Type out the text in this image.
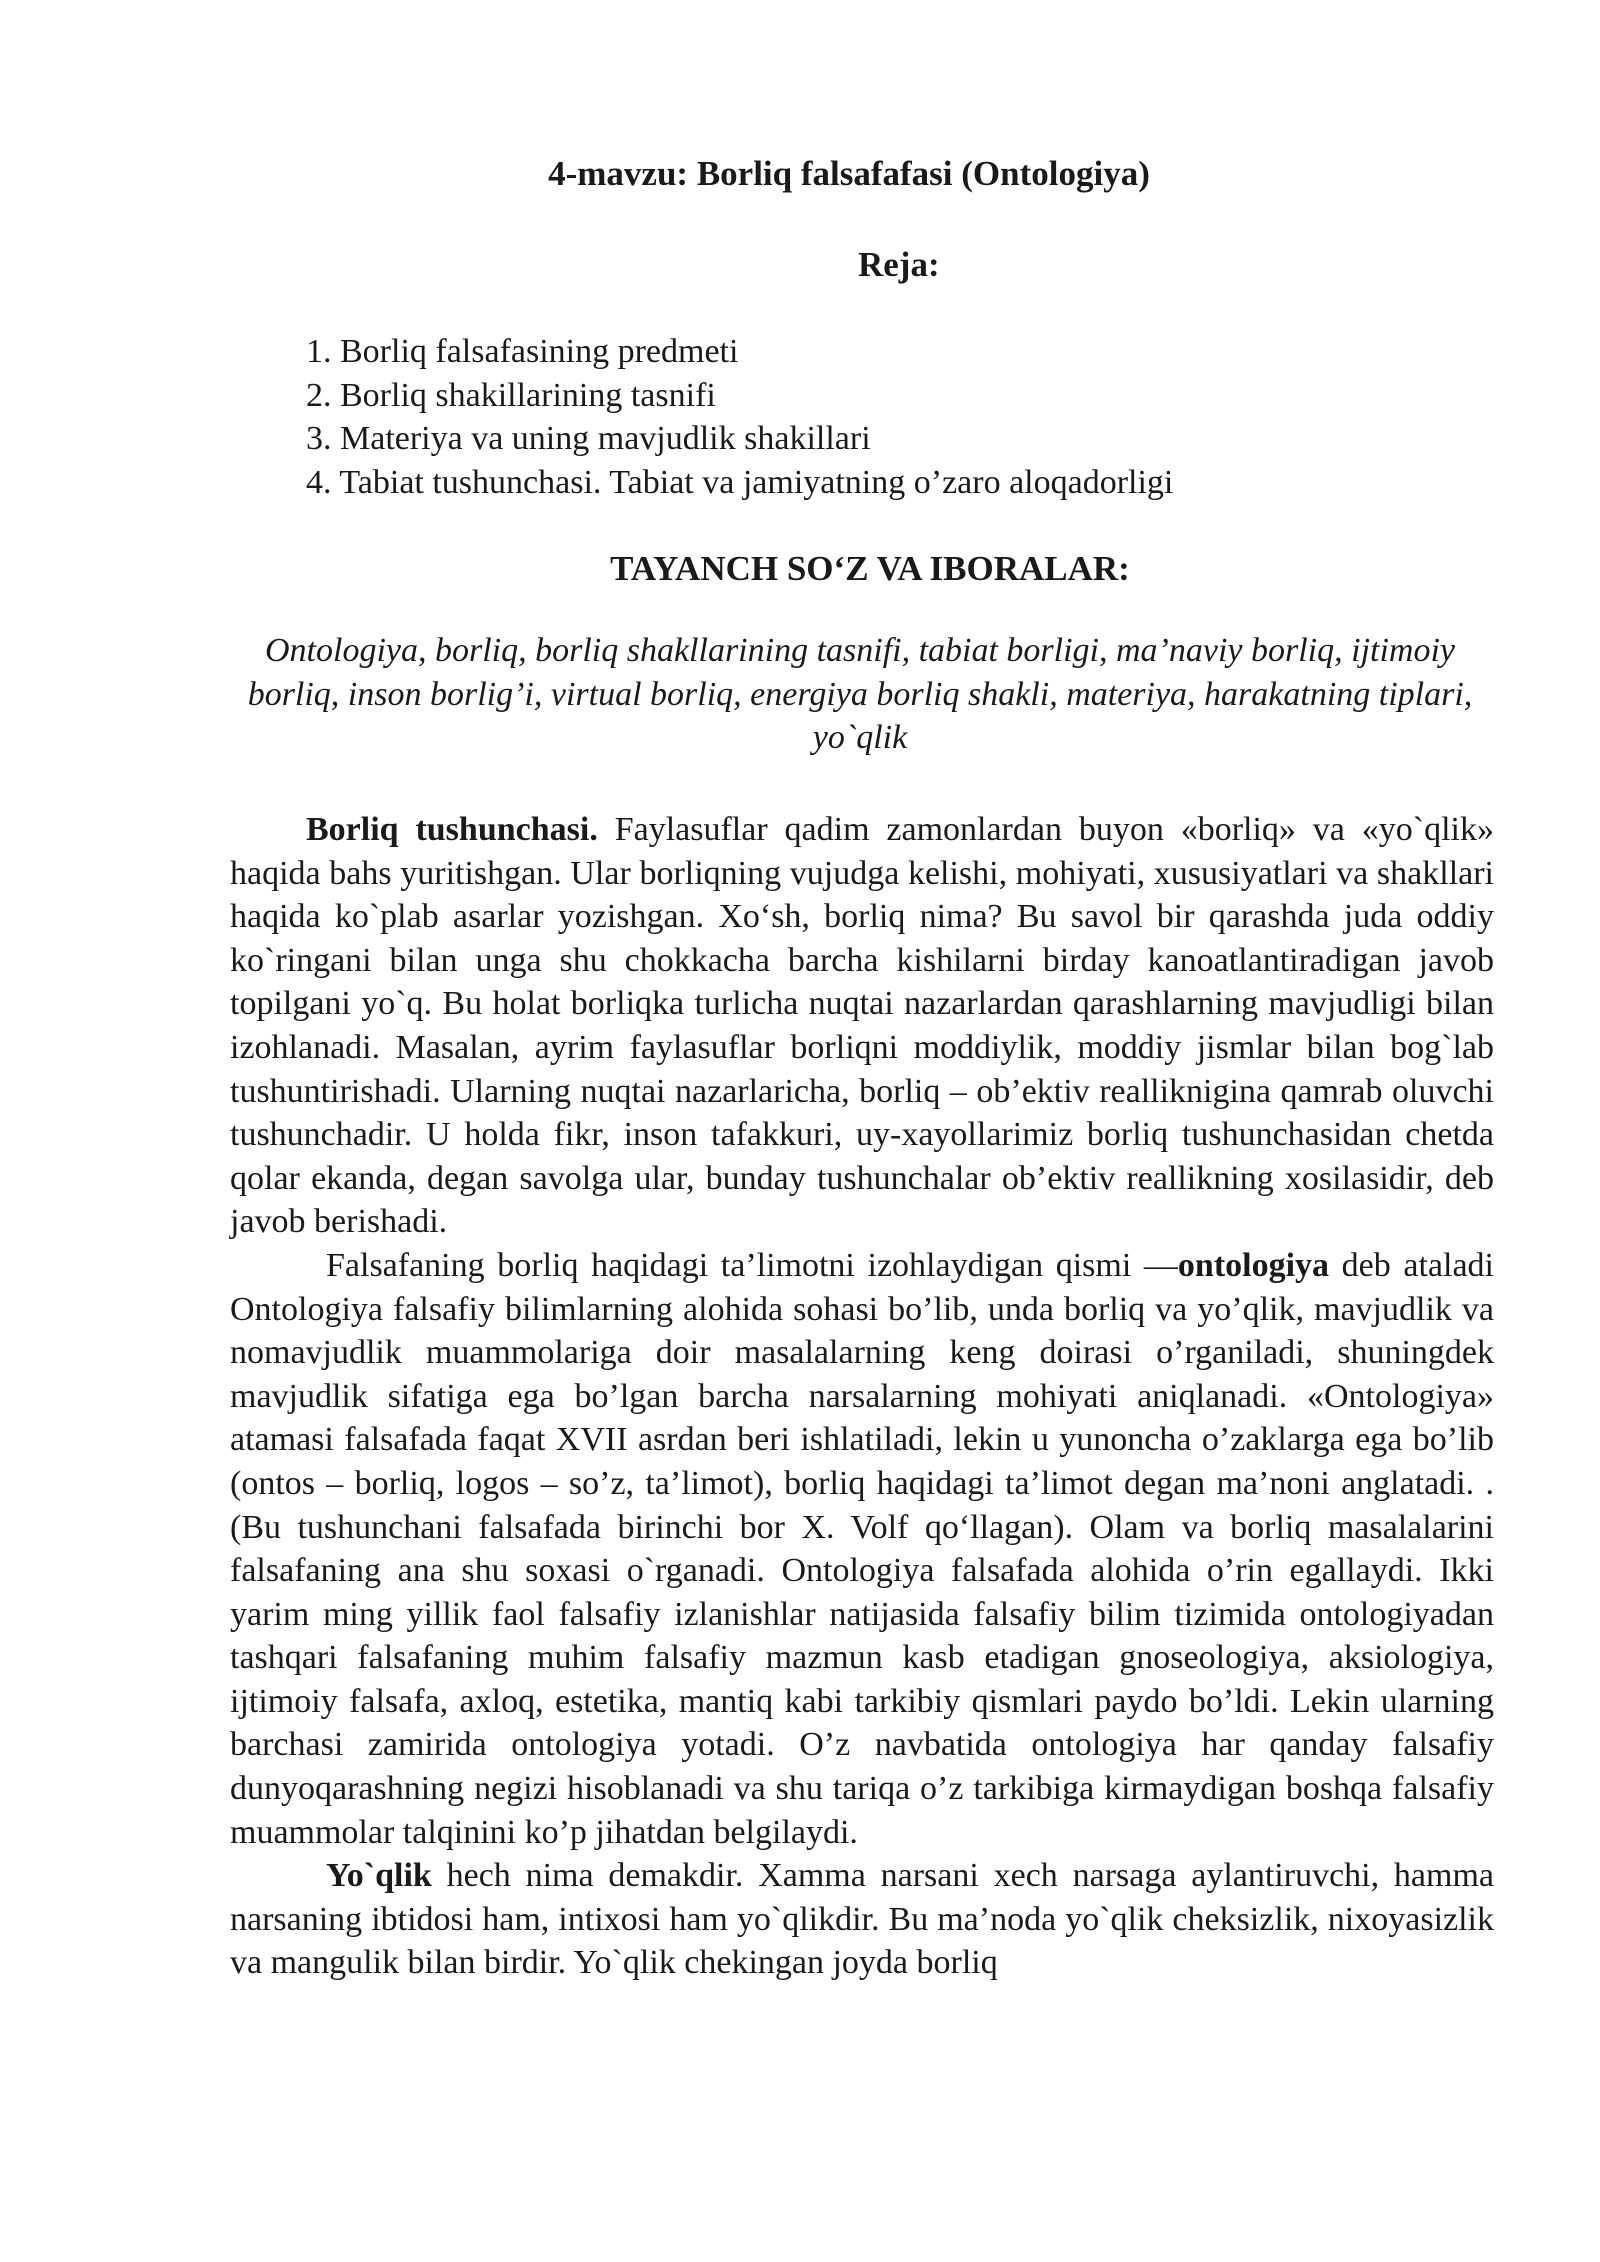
4-mavzu: Borliq falsafafasi (Ontologiya)
Reja:
1. Borliq falsafasining predmeti
2. Borliq shakillarining tasnifi
3. Materiya va uning mavjudlik shakillari
4. Tabiat tushunchasi. Tabiat va jamiyatning o’zaro aloqadorligi
TAYANCH SO‘Z VA IBORALAR:
Ontologiya, borliq, borliq shakllarining tasnifi, tabiat borligi, ma’naviy borliq, ijtimoiy borliq, inson borlig’i, virtual borliq, energiya borliq shakli, materiya, harakatning tiplari, yo`qlik

Borliq tushunchasi. Faylasuflar qadim zamonlardan buyon «borliq» va «yo`qlik» haqida bahs yuritishgan. Ular borliqning vujudga kelishi, mohiyati, xususiyatlari va shakllari haqida ko`plab asarlar yozishgan. Xo‘sh, borliq nima? Bu savol bir qarashda juda oddiy ko`ringani bilan unga shu chokkacha barcha kishilarni birday kanoatlantiradigan javob topilgani yo`q. Bu holat borliqka turlicha nuqtai nazarlardan qarashlarning mavjudligi bilan izohlanadi. Masalan, ayrim faylasuflar borliqni moddiylik, moddiy jismlar bilan bog`lab tushuntirishadi. Ularning nuqtai nazarlaricha, borliq – ob’ektiv reallikniginа qamrab oluvchi tushunchadir. U holda fikr, inson tafakkuri, uy-xayollarimiz borliq tushunchasidan chetda qolar ekanda, degan savolga ular, bunday tushunchalar ob’ektiv reallikning xosilasidir, deb javob berishadi.

Falsafaning borliq haqidagi ta’limotni izohlaydigan qismi —ontologiya deb ataladi Ontologiya falsafiy bilimlarning alohida sohasi bo’lib, unda borliq va yo’qlik, mavjudlik va nomavjudlik muammolariga doir masalalarning keng doirasi o’rganiladi, shuningdek mavjudlik sifatiga ega bo’lgan barcha narsalarning mohiyati aniqlanadi. «Ontologiya» atamasi falsafada faqat XVII asrdan beri ishlatiladi, lekin u yunoncha o’zaklarga ega bo’lib (ontos – borliq, logos – so’z, ta’limot), borliq haqidagi ta’limot degan ma’noni anglatadi. . (Bu tushunchani falsafada birinchi bor X. Volf qo‘llagan). Olam va borliq masalalarini falsafaning ana shu soxasi o`rganadi. Ontologiya falsafada alohida o’rin egallaydi. Ikki yarim ming yillik faol falsafiy izlanishlar natijasida falsafiy bilim tizimida ontologiyadan tashqari falsafaning muhim falsafiy mazmun kasb etadigan gnoseologiya, aksiologiya, ijtimoiy falsafa, axloq, estetika, mantiq kabi tarkibiy qismlari paydo bo’ldi. Lekin ularning barchasi zamirida ontologiya yotadi. O’z navbatida ontologiya har qanday falsafiy dunyoqarashning negizi hisoblanadi va shu tariqa o’z tarkibiga kirmaydigan boshqa falsafiy muammolar talqinini ko’p jihatdan belgilaydi.

Yo`qlik hech nima demakdir. Xamma narsani xech narsaga aylantiruvchi, hamma narsaning ibtidosi ham, intixosi ham yo`qlikdir. Bu ma’noda yo`qlik cheksizlik, nixoyasizlik va mangulik bilan birdir. Yo`qlik chekingan joyda borliq
